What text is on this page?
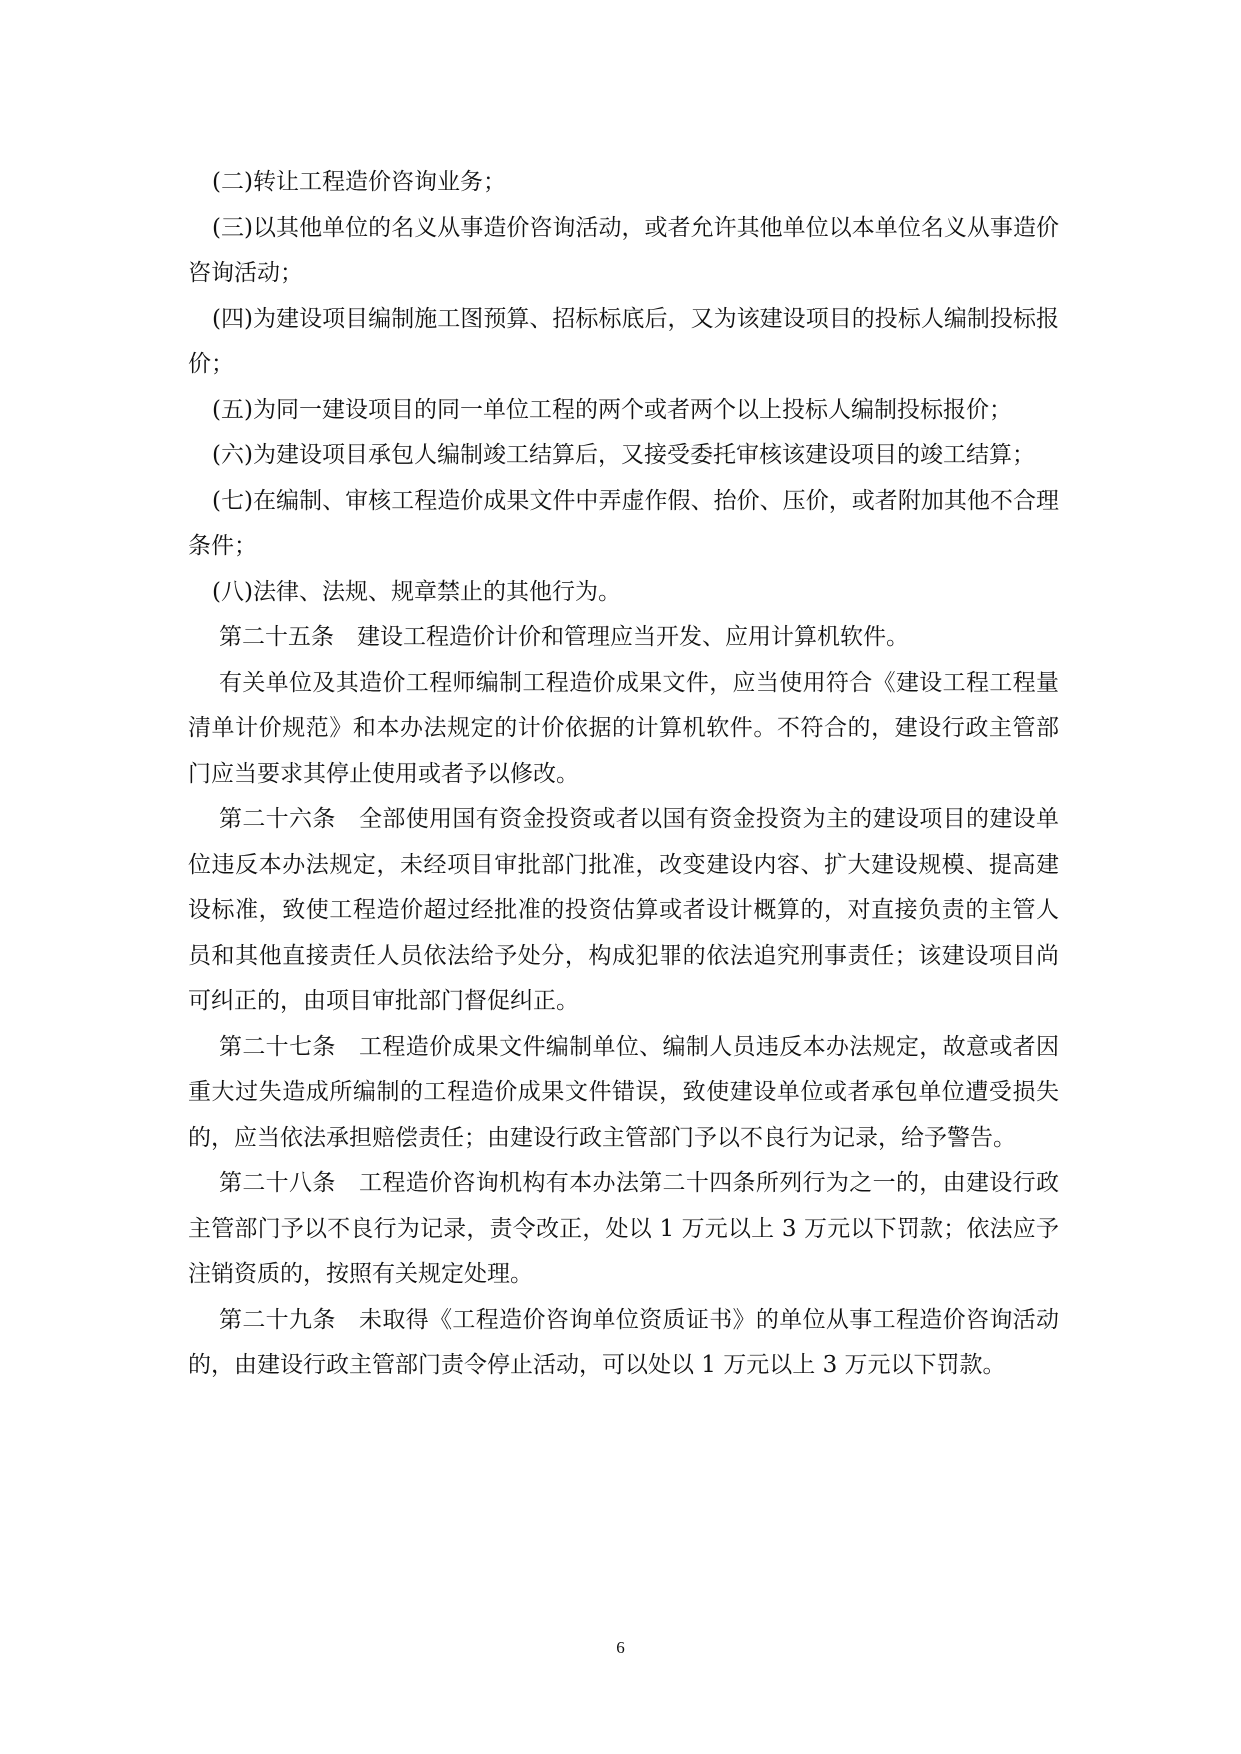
(二)转让工程造价咨询业务；

(三)以其他单位的名义从事造价咨询活动，或者允许其他单位以本单位名义从事造价咨询活动；

(四)为建设项目编制施工图预算、招标标底后，又为该建设项目的投标人编制投标报价；

(五)为同一建设项目的同一单位工程的两个或者两个以上投标人编制投标报价；

(六)为建设项目承包人编制竣工结算后，又接受委托审核该建设项目的竣工结算；

(七)在编制、审核工程造价成果文件中弄虚作假、抬价、压价，或者附加其他不合理条件；

(八)法律、法规、规章禁止的其他行为。

第二十五条　建设工程造价计价和管理应当开发、应用计算机软件。

有关单位及其造价工程师编制工程造价成果文件，应当使用符合《建设工程工程量清单计价规范》和本办法规定的计价依据的计算机软件。不符合的，建设行政主管部门应当要求其停止使用或者予以修改。

第二十六条　全部使用国有资金投资或者以国有资金投资为主的建设项目的建设单位违反本办法规定，未经项目审批部门批准，改变建设内容、扩大建设规模、提高建设标准，致使工程造价超过经批准的投资估算或者设计概算的，对直接负责的主管人员和其他直接责任人员依法给予处分，构成犯罪的依法追究刑事责任；该建设项目尚可纠正的，由项目审批部门督促纠正。

第二十七条　工程造价成果文件编制单位、编制人员违反本办法规定，故意或者因重大过失造成所编制的工程造价成果文件错误，致使建设单位或者承包单位遭受损失的，应当依法承担赔偿责任；由建设行政主管部门予以不良行为记录，给予警告。

第二十八条　工程造价咨询机构有本办法第二十四条所列行为之一的，由建设行政主管部门予以不良行为记录，责令改正，处以 1 万元以上 3 万元以下罚款；依法应予注销资质的，按照有关规定处理。

第二十九条　未取得《工程造价咨询单位资质证书》的单位从事工程造价咨询活动的，由建设行政主管部门责令停止活动，可以处以 1 万元以上 3 万元以下罚款。

6
